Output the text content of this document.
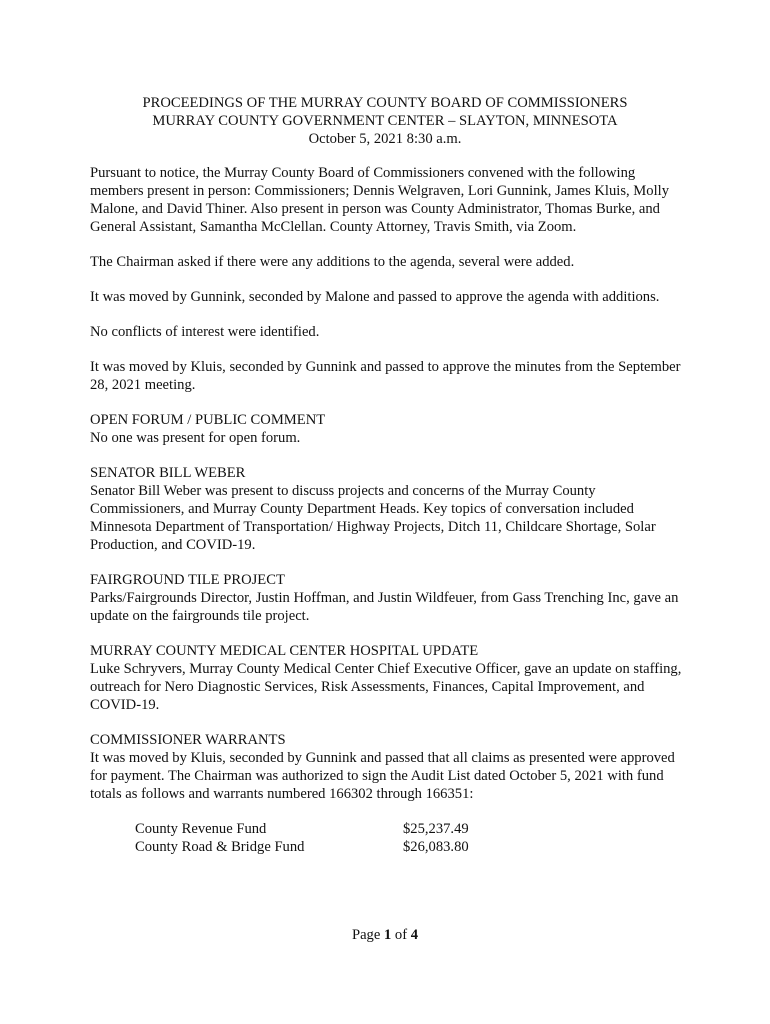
PROCEEDINGS OF THE MURRAY COUNTY BOARD OF COMMISSIONERS
MURRAY COUNTY GOVERNMENT CENTER – SLAYTON, MINNESOTA
October 5, 2021 8:30 a.m.

Pursuant to notice, the Murray County Board of Commissioners convened with the following members present in person: Commissioners; Dennis Welgraven, Lori Gunnink, James Kluis, Molly Malone, and David Thiner. Also present in person was County Administrator, Thomas Burke, and General Assistant, Samantha McClellan. County Attorney, Travis Smith, via Zoom.

The Chairman asked if there were any additions to the agenda, several were added.

It was moved by Gunnink, seconded by Malone and passed to approve the agenda with additions.

No conflicts of interest were identified.

It was moved by Kluis, seconded by Gunnink and passed to approve the minutes from the September 28, 2021 meeting.

OPEN FORUM / PUBLIC COMMENT

No one was present for open forum.

SENATOR BILL WEBER

Senator Bill Weber was present to discuss projects and concerns of the Murray County Commissioners, and Murray County Department Heads. Key topics of conversation included Minnesota Department of Transportation/ Highway Projects, Ditch 11, Childcare Shortage, Solar Production, and COVID-19.

FAIRGROUND TILE PROJECT

Parks/Fairgrounds Director, Justin Hoffman, and Justin Wildfeuer, from Gass Trenching Inc, gave an update on the fairgrounds tile project.

MURRAY COUNTY MEDICAL CENTER HOSPITAL UPDATE

Luke Schryvers, Murray County Medical Center Chief Executive Officer, gave an update on staffing, outreach for Nero Diagnostic Services, Risk Assessments, Finances, Capital Improvement, and COVID-19.

COMMISSIONER WARRANTS

It was moved by Kluis, seconded by Gunnink and passed that all claims as presented were approved for payment. The Chairman was authorized to sign the Audit List dated October 5, 2021 with fund totals as follows and warrants numbered 166302 through 166351:

County Revenue Fund	$25,237.49
County Road & Bridge Fund	$26,083.80
Page 1 of 4
